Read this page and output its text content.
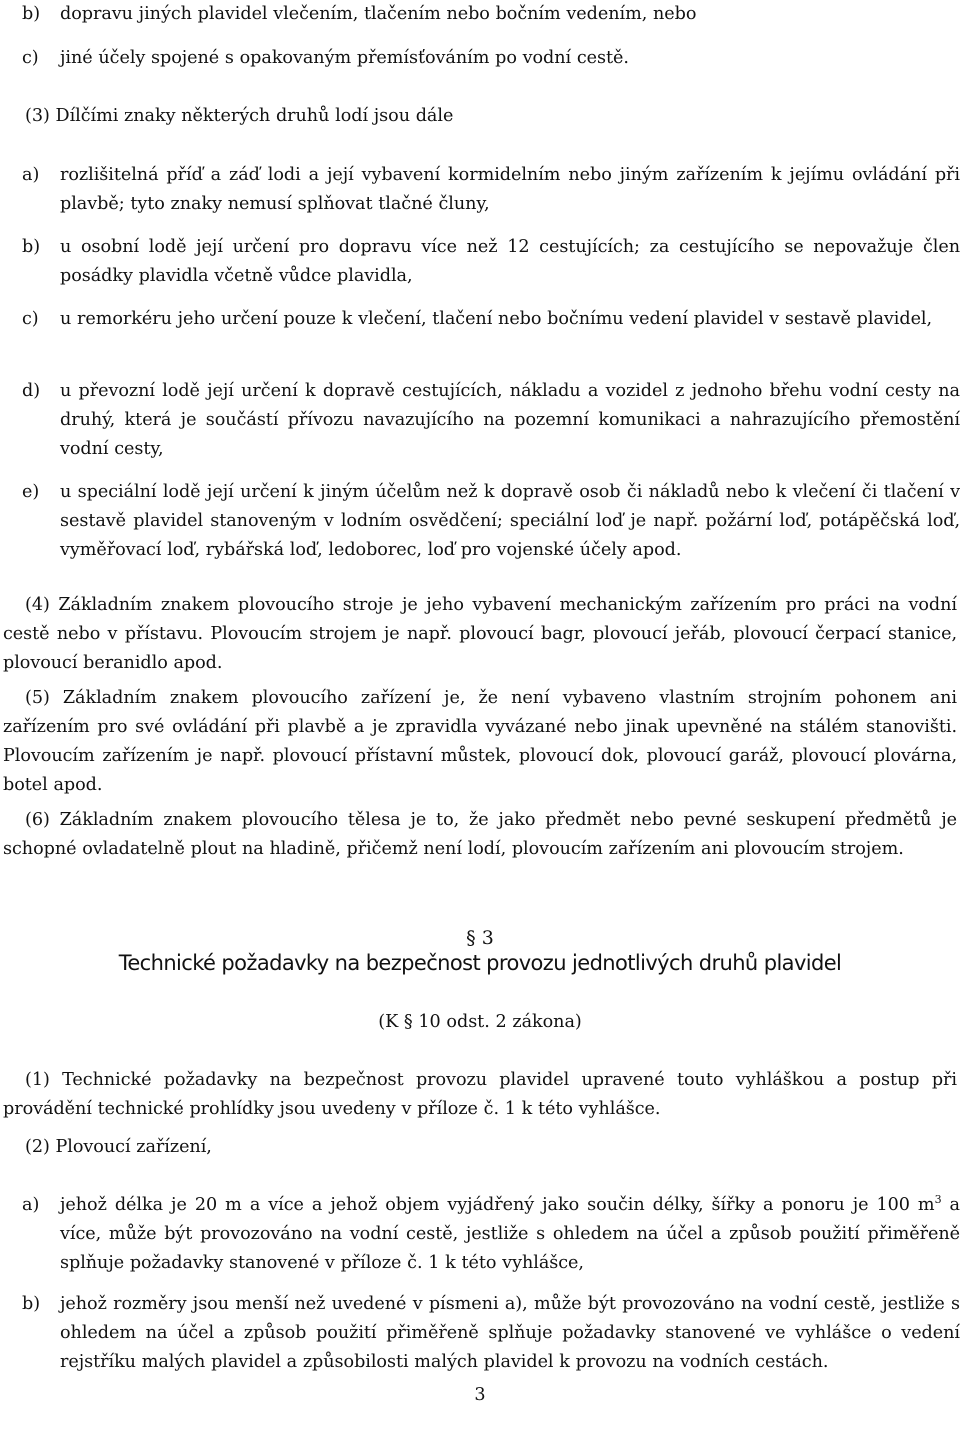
b) dopravu jiných plavidel vlečením, tlačením nebo bočním vedením, nebo
c) jiné účely spojené s opakovaným přemísťováním po vodní cestě.
(3) Dílčími znaky některých druhů lodí jsou dále
a) rozlišitelná příď a záď lodi a její vybavení kormidelním nebo jiným zařízením k jejímu ovládání při plavbě; tyto znaky nemusí splňovat tlačné čluny,
b) u osobní lodě její určení pro dopravu více než 12 cestujících; za cestujícího se nepovažuje člen posádky plavidla včetně vůdce plavidla,
c) u remorkéru jeho určení pouze k vlečení, tlačení nebo bočnímu vedení plavidel v sestavě plavidel,
d) u převozní lodě její určení k dopravě cestujících, nákladu a vozidel z jednoho břehu vodní cesty na druhý, která je součástí přívozu navazujícího na pozemní komunikaci a nahrazujícího přemostění vodní cesty,
e) u speciální lodě její určení k jiným účelům než k dopravě osob či nákladů nebo k vlečení či tlačení v sestavě plavidel stanoveným v lodním osvědčení; speciální loď je např. požární loď, potápěčská loď, vyměřovací loď, rybářská loď, ledoborec, loď pro vojenské účely apod.
(4) Základním znakem plovoucího stroje je jeho vybavení mechanickým zařízením pro práci na vodní cestě nebo v přístavu. Plovoucím strojem je např. plovoucí bagr, plovoucí jeřáb, plovoucí čerpací stanice, plovoucí beranidlo apod.
(5) Základním znakem plovoucího zařízení je, že není vybaveno vlastním strojním pohonem ani zařízením pro své ovládání při plavbě a je zpravidla vyvázané nebo jinak upevněné na stálém stanovišti. Plovoucím zařízením je např. plovoucí přístavní můstek, plovoucí dok, plovoucí garáž, plovoucí plovárna, botel apod.
(6) Základním znakem plovoucího tělesa je to, že jako předmět nebo pevné seskupení předmětů je schopné ovladatelně plout na hladině, přičemž není lodí, plovoucím zařízením ani plovoucím strojem.
§ 3
Technické požadavky na bezpečnost provozu jednotlivých druhů plavidel
(K § 10 odst. 2 zákona)
(1) Technické požadavky na bezpečnost provozu plavidel upravené touto vyhláškou a postup při provádění technické prohlídky jsou uvedeny v příloze č. 1 k této vyhlášce.
(2) Plovoucí zařízení,
a) jehož délka je 20 m a více a jehož objem vyjádřený jako součin délky, šířky a ponoru je 100 $m^3$ a více, může být provozováno na vodní cestě, jestliže s ohledem na účel a způsob použití přiměřeně splňuje požadavky stanovené v příloze č. 1 k této vyhlášce,
b) jehož rozměry jsou menší než uvedené v písmeni a), může být provozováno na vodní cestě, jestliže s ohledem na účel a způsob použití přiměřeně splňuje požadavky stanovené ve vyhlášce o vedení rejstříku malých plavidel a způsobilosti malých plavidel k provozu na vodních cestách.
3
